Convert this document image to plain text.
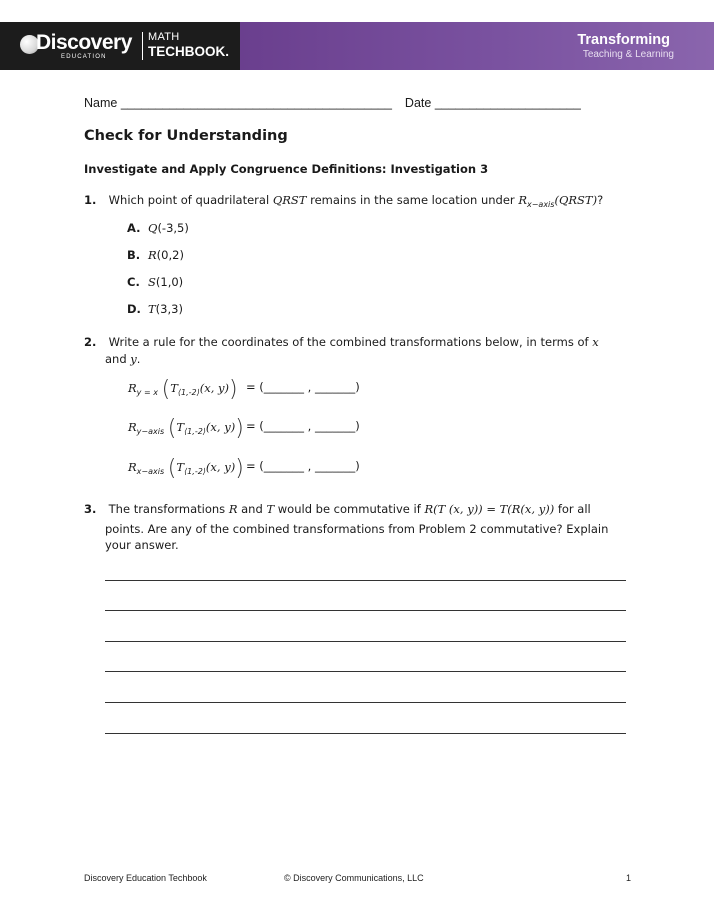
Discovery
EDUCATION
MATH
TECHBOOK.
Transforming
Teaching & Learning
Name _______________________________________ Date _____________________
Check for Understanding
Investigate and Apply Congruence Definitions: Investigation 3
1. Which point of quadrilateral QRST remains in the same location under $R_{x-axis}(QRST)$?
A. Q(-3,5)
B. R(0,2)
C. S(1,0)
D. T(3,3)
2. Write a rule for the coordinates of the combined transformations below, in terms of x
and y.
$R_{y = x}$ ($T_{⟨1,-2⟩}(x$, y)) = (_______ , _______)
$R_{y-axis}$ ($T_{⟨1,-2⟩}(x$, y)) = (_______ , _______)
$R_{x-axis}$ ($T_{⟨1,-2⟩}(x$, y)) = (_______ , _______)
3. The transformations R and T would be commutative if R(T (x, y)) = T(R(x, y)) for all
points. Are any of the combined transformations from Problem 2 commutative? Explain
your answer.
Discovery Education Techbook	© Discovery Communications, LLC	1
